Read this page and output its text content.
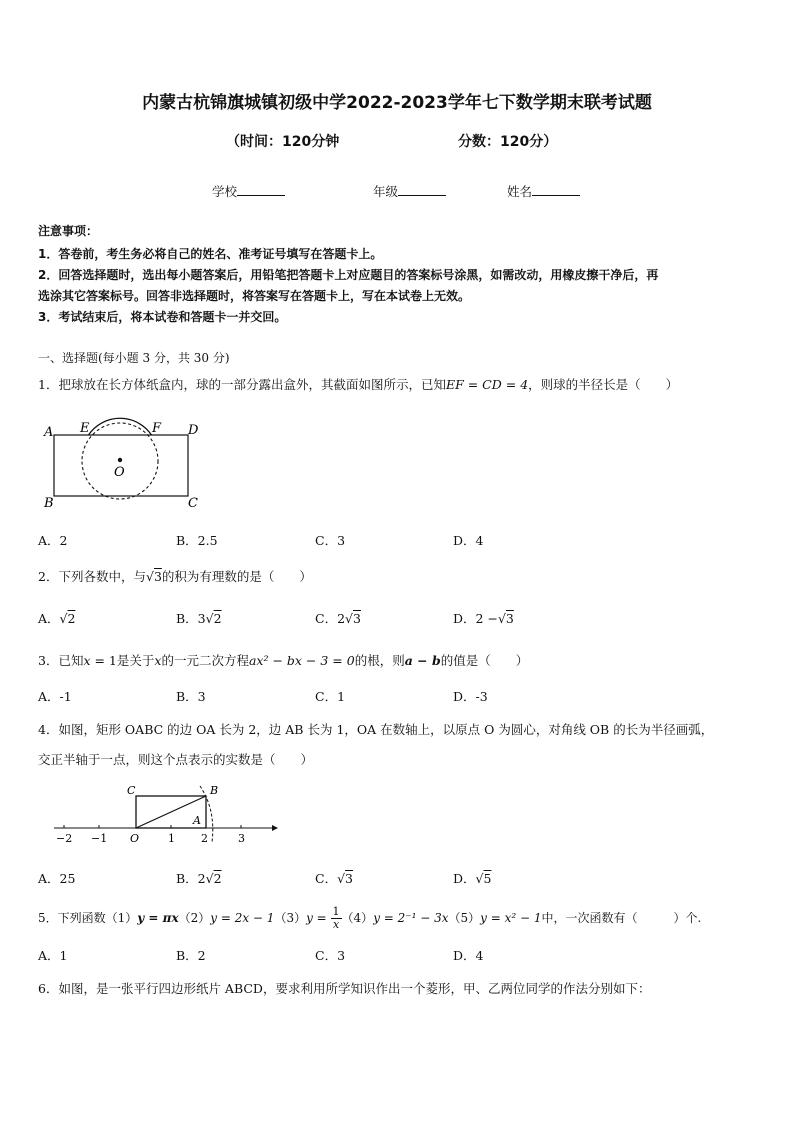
内蒙古杭锦旗城镇初级中学2022-2023学年七下数学期末联考试题
（时间：120分钟	分数：120分）
学校	年级	姓名
注意事项：
1．答卷前，考生务必将自己的姓名、准考证号填写在答题卡上。
2．回答选择题时，选出每小题答案后，用铅笔把答题卡上对应题目的答案标号涂黑，如需改动，用橡皮擦干净后，再
选涂其它答案标号。回答非选择题时，将答案写在答题卡上，写在本试卷上无效。
3．考试结束后，将本试卷和答题卡一并交回。
一、选择题(每小题 3 分，共 30 分)
1．把球放在长方体纸盒内，球的一部分露出盒外，其截面如图所示，已知EF = CD = 4，则球的半径长是（　　）
A E	F D
O
B	C
A．2	B．2.5	C．3	D．4
2．下列各数中，与√3的积为有理数的是（　　）
A．√2	B．3√2	C．2√3	D．2 −√3
3．已知x = 1是关于x的一元二次方程ax² − bx − 3 = 0的根，则a − b的值是（　　）
A．-1	B．3	C．1	D．-3
4．如图，矩形 OABC 的边 OA 长为 2，边 AB 长为 1，OA 在数轴上，以原点 O 为圆心，对角线 OB 的长为半径画弧，
交正半轴于一点，则这个点表示的实数是（　　）
C	B
A
O
−2 −1	1 2	3
A．25	B．2√2	C．√3	D．√5
5．下列函数$(1)y = \pi x(2)y = 2x - 1(3)y = \frac{1}{x} (4)y = 2^{-1} - 3x(5)y = x^2 - 1$中，一次函数有（　　　）个.
A．1	B．2	C．3	D．4
6．如图，是一张平行四边形纸片 ABCD，要求利用所学知识作出一个菱形，甲、乙两位同学的作法分别如下：
